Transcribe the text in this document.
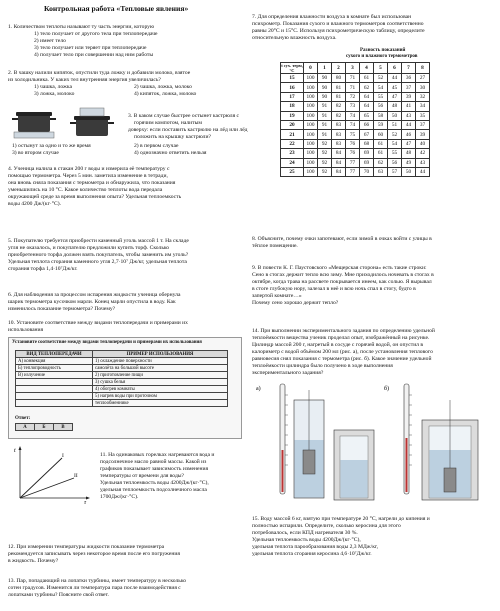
Контрольная работа «Тепловые явления»
1. Количеством теплоты называют ту часть энергии, которую
1) тело получает от другого тела при теплопередаче
2) имеет тело
3) тело получает или теряет при теплопередаче
4) получает тело при совершении над ним работы
2. В чашку налили кипяток, опустили туда ложку и добавили молоко, взятое
из холодильника. У каких тел внутренняя энергия увеличилась?
1) чашка, ложка	2) чашка, ложка, молоко
3) ложка, молоко	4) кипяток, ложка, молоко
3. В каком случае быстрее остынет кастрюля с
горячим компотом, налитым
доверху: если поставить кастрюлю на лёд или лёд
положить на крышку кастрюли?
1) остынут за одно и то же время	2) в первом случае
3) во втором случае	4) однозначно ответить нельзя
4. Ученица налила в стакан 200 г воды и измерила её температуру с
помощью термометра. Через 5 мин. заметила изменение в тетради,
она вновь сняла показания с термометра и обнаружила, что показания
уменьшились на 10 °С. Какое количество теплоты вода передала
окружающей среде за время выполнения опыта? Удельная теплоемкость
воды 4200 Дж/(кг·°С).
5. Покупателю требуется приобрести каменный уголь массой 1 т. На складе
угля не оказалось, и покупателю предложили купить торф. Сколько
приобретенного торфа должен взять покупатель, чтобы заменить им уголь?
Удельная теплота сгорания каменного угля 2,7·10⁷ Дж/кг, удельная теплота
сгорания торфа 1,4·10⁷Дж/кг.
6. Для наблюдения за процессом испарения жидкости ученица обернула
шарик термометра кусочком марли. Конец марли опустила в воду. Как
изменилось показание термометра? Почему?
10. Установите соответствие между видами теплопередачи и примерами их
использования
Установите соответствие между видами теплопередачи и примерами их использования
ВИД ТЕПЛОПЕРЕДАЧИ	ПРИМЕР ИСПОЛЬЗОВАНИЯ
А) конвекция	1) охлаждение поверхности
Б) теплопроводность	самолёта на большой высоте
В) излучение	2) приготовление пищи
	3) сушка белья
	4) обогрев комнаты
	5) нагрев воды при проточном
	теплообменнике
Ответ:
А	Б	В
t
τ
I
II
11. На одинаковых горелках нагреваются вода и
подсолнечное масло равной массы. Какой из
графиков показывает зависимость изменения
температуры от времени для воды?
Удельная теплоемкость воды 4200Дж/(кг·°С),
удельная теплоемкость подсолнечного масла
1700Дж/(кг·°С).
12. При измерении температуры жидкости показание термометра
рекомендуется записывать через некоторое время после его погружения
в жидкость. Почему?
13. Пар, попадающий на лопатки турбины, имеет температуру в несколько
сотен градусов. Изменится ли температура пара после взаимодействия с
лопатками турбины? Поясните свой ответ.
7. Для определения влажности воздуха в комнате был использован
психрометр. Показания сухого и влажного термометров соответственно
равны 20°С и 15°С. Используя психрометрическую таблицу, определите
относительную влажность воздуха.
Разность показаний
сухого и влажного термометров
t сух. терм, °С	0	1	2	3	4	5	6	7	8
15	100	90	80	71	61	52	44	36	27
16	100	90	81	71	62	54	45	37	30
17	100	90	81	72	64	55	47	39	32
18	100	91	82	73	64	56	48	41	34
19	100	91	82	74	65	58	50	43	35
20	100	91	83	74	66	59	51	44	37
21	100	91	83	75	67	60	52	46	39
22	100	92	83	76	68	61	54	47	40
23	100	92	84	76	69	61	55	48	42
24	100	92	84	77	69	62	56	49	43
25	100	92	84	77	70	63	57	50	44
8. Объясните, почему очки запотевают, если зимой в очках войти с улицы в
тёплое помещение.
9. В повести К. Г. Паустовского «Мещерская сторона» есть такие строки:
Сено в стогах держит тепло всю зиму. Мне приходилось ночевать в стогах в
октябре, когда трава на рассвете покрывается инеем, как солью. Я вырывал
в стоге глубокую нору, залезал в неё и всю ночь спал в стогу, будто в
запертой комнате…»
Почему сено хорошо держит тепло?
14. При выполнении экспериментального задания по определению удельной
теплоёмкости вещества ученик проделал опыт, изображённый на рисунке.
Цилиндр массой 200 г, нагретый в сосуде с горячей водой, он опустил в
калориметр с водой объёмом 200 мл (рис. а), после установления теплового
равновесия снял показания с термометра (рис. б). Какое значение удельной
теплоёмкости цилиндра было получено в ходе выполнения
экспериментального задания?
а)	б)
15. Воду массой 6 кг, взятую при температуре 20 °С, нагрели до кипения и
полностью испарили. Определите, сколько керосина для этого
потребовалось, если КПД нагревателя 30 %.
Удельная теплоемкость воды 4200Дж/(кг·°С),
удельная теплота парообразования воды 2,3 МДж/кг,
удельная теплота сгорания керосина 4,6·10⁷Дж/кг.
